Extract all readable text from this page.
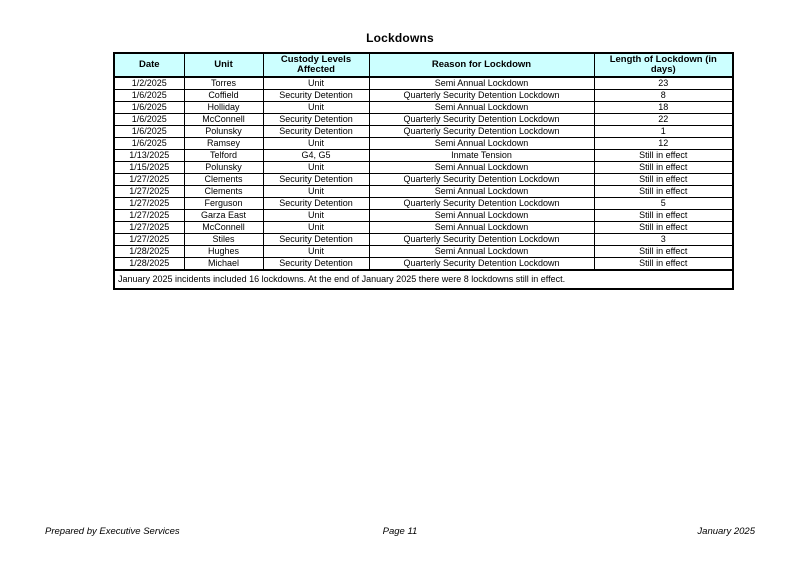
Lockdowns
Date	Unit	Custody Levels Affected	Reason for Lockdown	Length of Lockdown (in days)
1/2/2025	Torres	Unit	Semi Annual Lockdown	23
1/6/2025	Coffield	Security Detention	Quarterly Security Detention Lockdown	8
1/6/2025	Holliday	Unit	Semi Annual Lockdown	18
1/6/2025	McConnell	Security Detention	Quarterly Security Detention Lockdown	22
1/6/2025	Polunsky	Security Detention	Quarterly Security Detention Lockdown	1
1/6/2025	Ramsey	Unit	Semi Annual Lockdown	12
1/13/2025	Telford	G4, G5	Inmate Tension	Still in effect
1/15/2025	Polunsky	Unit	Semi Annual Lockdown	Still in effect
1/27/2025	Clements	Security Detention	Quarterly Security Detention Lockdown	Still in effect
1/27/2025	Clements	Unit	Semi Annual Lockdown	Still in effect
1/27/2025	Ferguson	Security Detention	Quarterly Security Detention Lockdown	5
1/27/2025	Garza East	Unit	Semi Annual Lockdown	Still in effect
1/27/2025	McConnell	Unit	Semi Annual Lockdown	Still in effect
1/27/2025	Stiles	Security Detention	Quarterly Security Detention Lockdown	3
1/28/2025	Hughes	Unit	Semi Annual Lockdown	Still in effect
1/28/2025	Michael	Security Detention	Quarterly Security Detention Lockdown	Still in effect
January 2025 incidents included 16 lockdowns. At the end of January 2025 there were 8 lockdowns still in effect.				
Prepared by Executive Services	Page 11	January 2025
